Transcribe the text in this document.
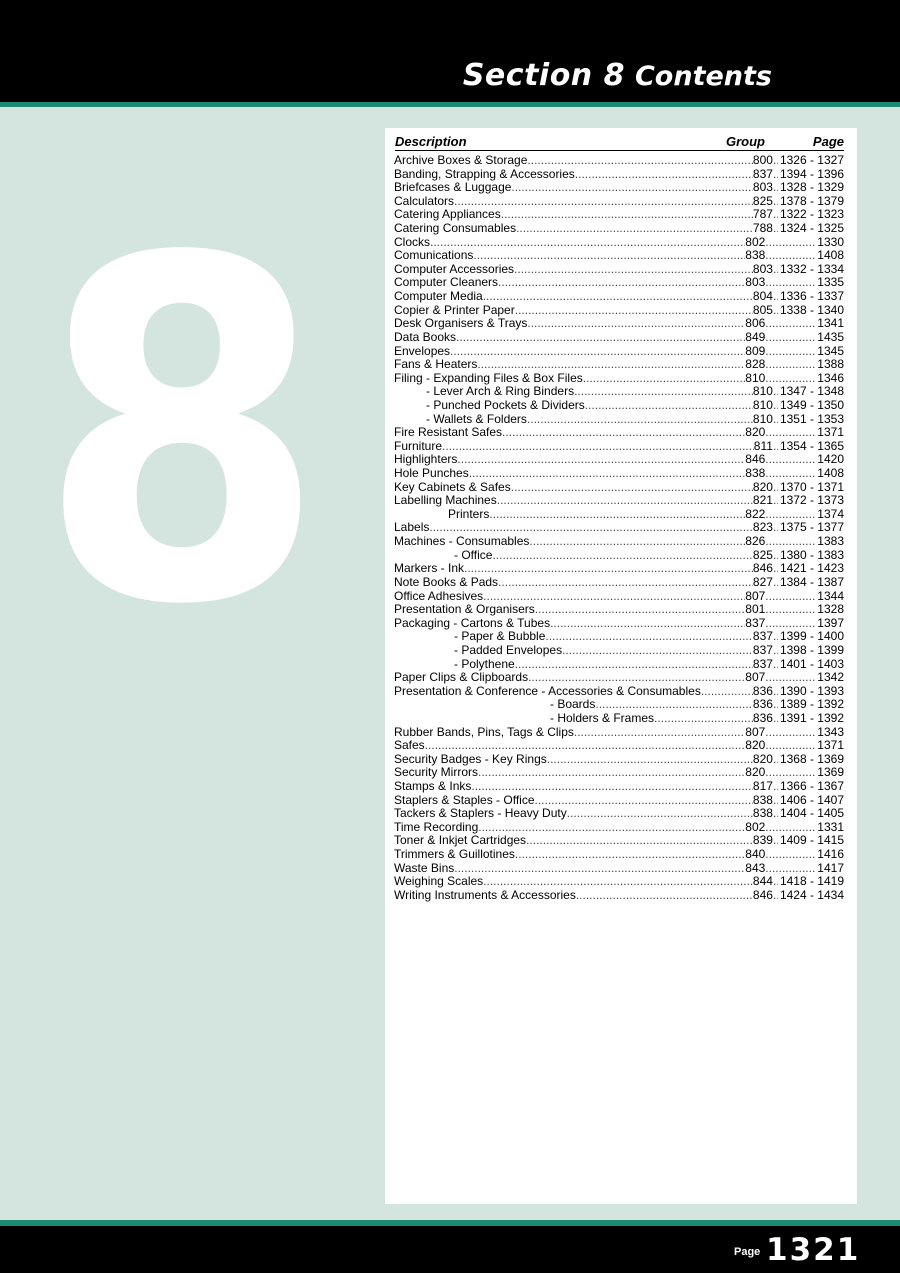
Section 8 Contents
8
Description	Group	Page
Archive Boxes & Storage .....	800 ..... 1326 - 1327
Banding, Strapping & Accessories .....	837 ..... 1394 - 1396
Briefcases & Luggage .....	803 ..... 1328 - 1329
Calculators .....	825 ..... 1378 - 1379
Catering Appliances .....	787 ..... 1322 - 1323
Catering Consumables .....	788 ..... 1324 - 1325
Clocks .....	802 .....	1330
Comunications .....	838 .....	1408
Computer Accessories .....	803 ..... 1332 - 1334
Computer Cleaners .....	803 .....	1335
Computer Media .....	804 ..... 1336 - 1337
Copier & Printer Paper .....	805 ..... 1338 - 1340
Desk Organisers & Trays .....	806 .....	1341
Data Books .....	849 .....	1435
Envelopes .....	809 .....	1345
Fans & Heaters .....	828 .....	1388
Filing - Expanding Files & Box Files .....	810 .....	1346
- Lever Arch & Ring Binders .....	810 ..... 1347 - 1348
- Punched Pockets & Dividers .....	810 ..... 1349 - 1350
- Wallets & Folders .....	810 ..... 1351 - 1353
Fire Resistant Safes .....	820 .....	1371
Furniture .....	811 ..... 1354 - 1365
Highlighters .....	846 .....	1420
Hole Punches .....	838 .....	1408
Key Cabinets & Safes .....	820 ..... 1370 - 1371
Labelling Machines .....	821 ..... 1372 - 1373
Printers .....	822 .....	1374
Labels .....	823 ..... 1375 - 1377
Machines - Consumables .....	826 .....	1383
- Office .....	825 ..... 1380 - 1383
Markers - Ink .....	846 ..... 1421 - 1423
Note Books & Pads .....	827 ..... 1384 - 1387
Office Adhesives .....	807 .....	1344
Presentation & Organisers .....	801 .....	1328
Packaging - Cartons & Tubes .....	837 .....	1397
- Paper & Bubble .....	837 ..... 1399 - 1400
- Padded Envelopes .....	837 ..... 1398 - 1399
- Polythene .....	837 ..... 1401 - 1403
Paper Clips & Clipboards .....	807 .....	1342
Presentation & Conference - Accessories & Consumables .....	836 ..... 1390 - 1393
- Boards .....	836 ..... 1389 - 1392
- Holders & Frames .....	836 ..... 1391 - 1392
Rubber Bands, Pins, Tags & Clips .....	807 .....	1343
Safes .....	820 .....	1371
Security Badges - Key Rings .....	820 ..... 1368 - 1369
Security Mirrors .....	820 .....	1369
Stamps & Inks .....	817 ..... 1366 - 1367
Staplers & Staples - Office .....	838 ..... 1406 - 1407
Tackers & Staplers - Heavy Duty .....	838 ..... 1404 - 1405
Time Recording .....	802 .....	1331
Toner & Inkjet Cartridges .....	839 ..... 1409 - 1415
Trimmers & Guillotines .....	840 .....	1416
Waste Bins .....	843 .....	1417
Weighing Scales .....	844 ..... 1418 - 1419
Writing Instruments & Accessories .....	846 ..... 1424 - 1434
Page 1321
